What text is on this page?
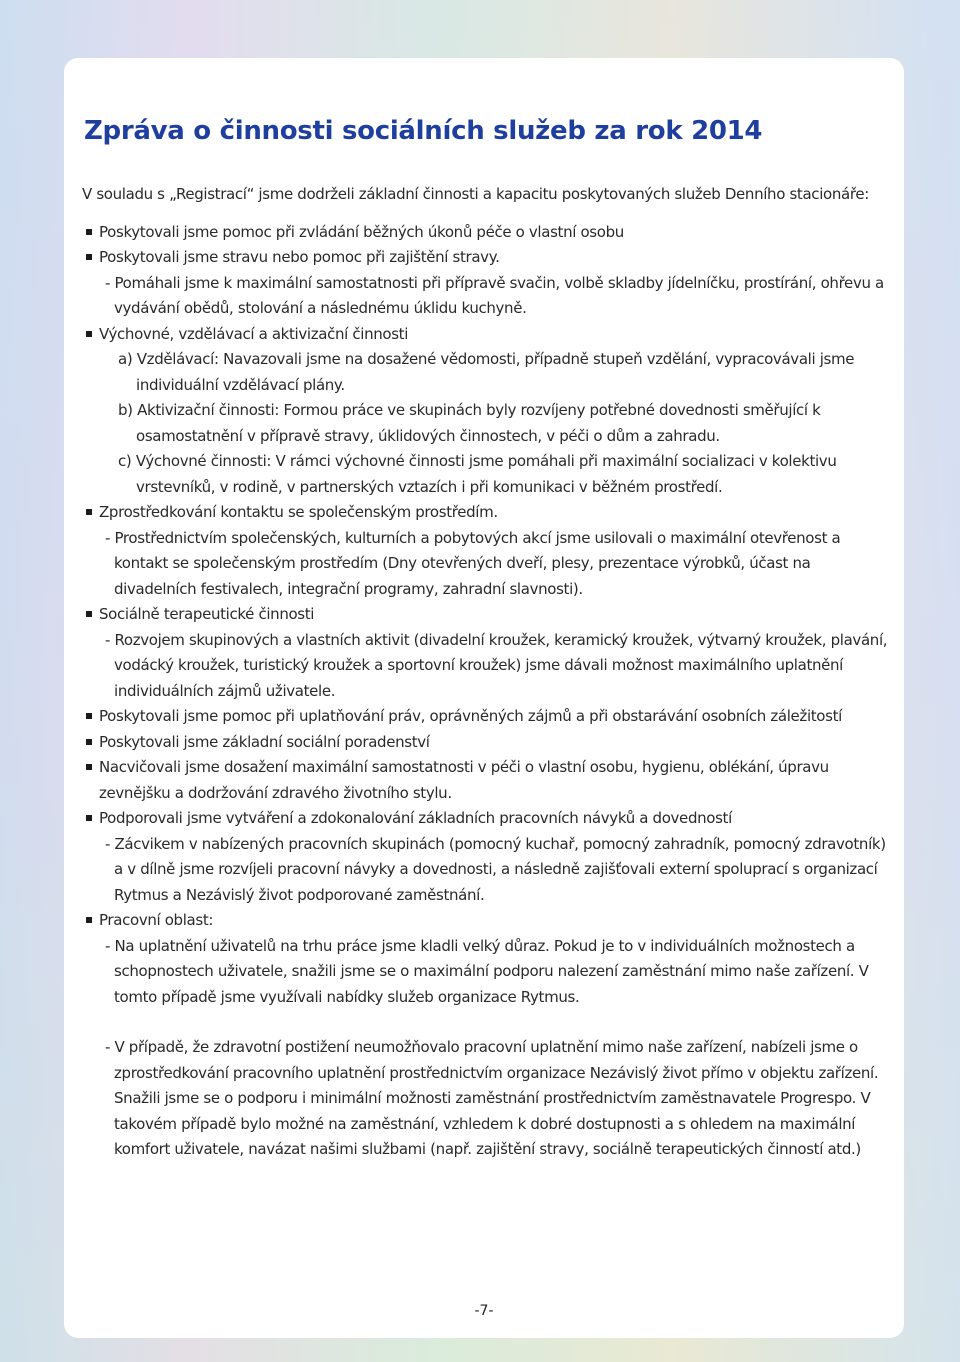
Zpráva o činnosti sociálních služeb za rok 2014

V souladu s „Registrací“ jsme dodrželi základní činnosti a kapacitu poskytovaných služeb Denního stacionáře:

Poskytovali jsme pomoc při zvládání běžných úkonů péče o vlastní osobu

Poskytovali jsme stravu nebo pomoc při zajištění stravy.

- Pomáhali jsme k maximální samostatnosti při přípravě svačin, volbě skladby jídelníčku, prostírání, ohřevu a vydávání obědů, stolování a následnému úklidu kuchyně.

Výchovné, vzdělávací a aktivizační činnosti

a) Vzdělávací: Navazovali jsme na dosažené vědomosti, případně stupeň vzdělání, vypracovávali jsme individuální vzdělávací plány.

b) Aktivizační činnosti: Formou práce ve skupinách byly rozvíjeny potřebné dovednosti směřující k osamostatnění v přípravě stravy, úklidových činnostech, v péči o dům a zahradu.

c) Výchovné činnosti: V rámci výchovné činnosti jsme pomáhali při maximální socializaci v kolektivu vrstevníků, v rodině, v partnerských vztazích i při komunikaci v běžném prostředí.

Zprostředkování kontaktu se společenským prostředím.

- Prostřednictvím společenských, kulturních a pobytových akcí jsme usilovali o maximální otevřenost a kontakt se společenským prostředím (Dny otevřených dveří, plesy, prezentace výrobků, účast na divadelních festivalech, integrační programy, zahradní slavnosti).

Sociálně terapeutické činnosti

- Rozvojem skupinových a vlastních aktivit (divadelní kroužek, keramický kroužek, výtvarný kroužek, plavání, vodácký kroužek, turistický kroužek a sportovní kroužek) jsme dávali možnost maximálního uplatnění individuálních zájmů uživatele.

Poskytovali jsme pomoc při uplatňování práv, oprávněných zájmů a při obstarávání osobních záležitostí

Poskytovali jsme základní sociální poradenství

Nacvičovali jsme dosažení maximální samostatnosti v péči o vlastní osobu, hygienu, oblékání, úpravu zevnějšku a dodržování zdravého životního stylu.

Podporovali jsme vytváření a zdokonalování základních pracovních návyků a dovedností

- Zácvikem v nabízených pracovních skupinách (pomocný kuchař, pomocný zahradník, pomocný zdravotník) a v dílně jsme rozvíjeli pracovní návyky a dovednosti, a následně zajišťovali externí spoluprací s organizací Rytmus a Nezávislý život podporované zaměstnání.

Pracovní oblast:

- Na uplatnění uživatelů na trhu práce jsme kladli velký důraz. Pokud je to v individuálních možnostech a schopnostech uživatele, snažili jsme se o maximální podporu nalezení zaměstnání mimo naše zařízení. V tomto případě jsme využívali nabídky služeb organizace Rytmus.

- V případě, že zdravotní postižení neumožňovalo pracovní uplatnění mimo naše zařízení, nabízeli jsme o zprostředkování pracovního uplatnění prostřednictvím organizace Nezávislý život přímo v objektu zařízení. Snažili jsme se o podporu i minimální možnosti zaměstnání prostřednictvím zaměstnavatele Progrespo. V takovém případě bylo možné na zaměstnání, vzhledem k dobré dostupnosti a s ohledem na maximální komfort uživatele, navázat našimi službami (např. zajištění stravy, sociálně terapeutických činností atd.)

-7-
